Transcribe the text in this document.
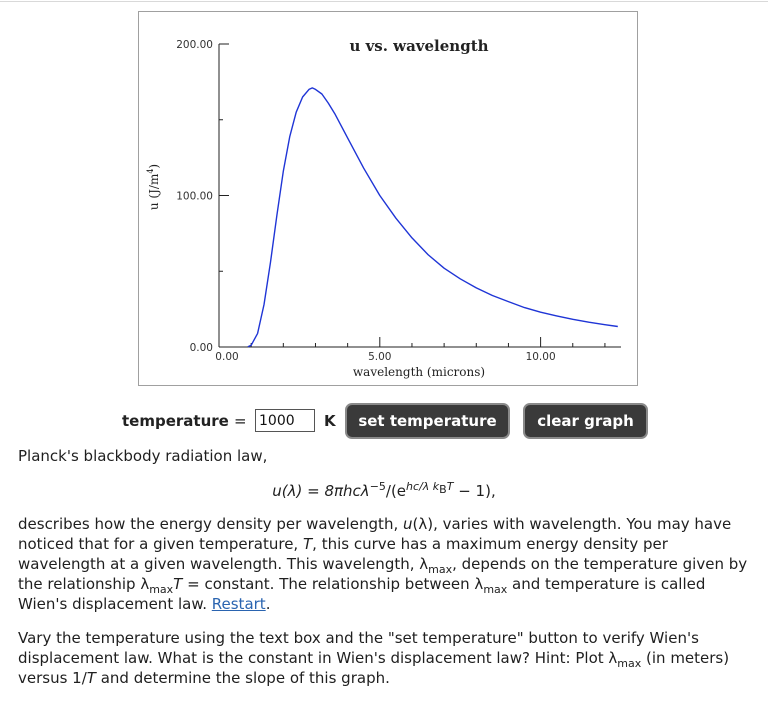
0.00
100.00
200.00
0.00	5.00	10.00
u vs. wavelength
wavelength (microns)
u $(J/m^4)$
temperature =
1000	K	set temperature	clear graph
Planck's blackbody radiation law,
$u(\lambda) = 8\pi hc\lambda^{-5}/(e^{hc/\lambda k_BT} - 1)$,
describes how the energy density per wavelength, u(λ), varies with wavelength. You may have noticed that for a given temperature, T, this curve has a maximum energy density per wavelength at a given wavelength. This wavelength, $\lambda_{max}$, depends on the temperature given by the relationship $\lambda_{max}T$ = constant. The relationship between $\lambda_{max}$ and temperature is called Wien's displacement law. Restart.
Vary the temperature using the text box and the "set temperature" button to verify Wien's displacement law. What is the constant in Wien's displacement law? Hint: Plot $\lambda_{max}$ (in meters) versus 1/T and determine the slope of this graph.
